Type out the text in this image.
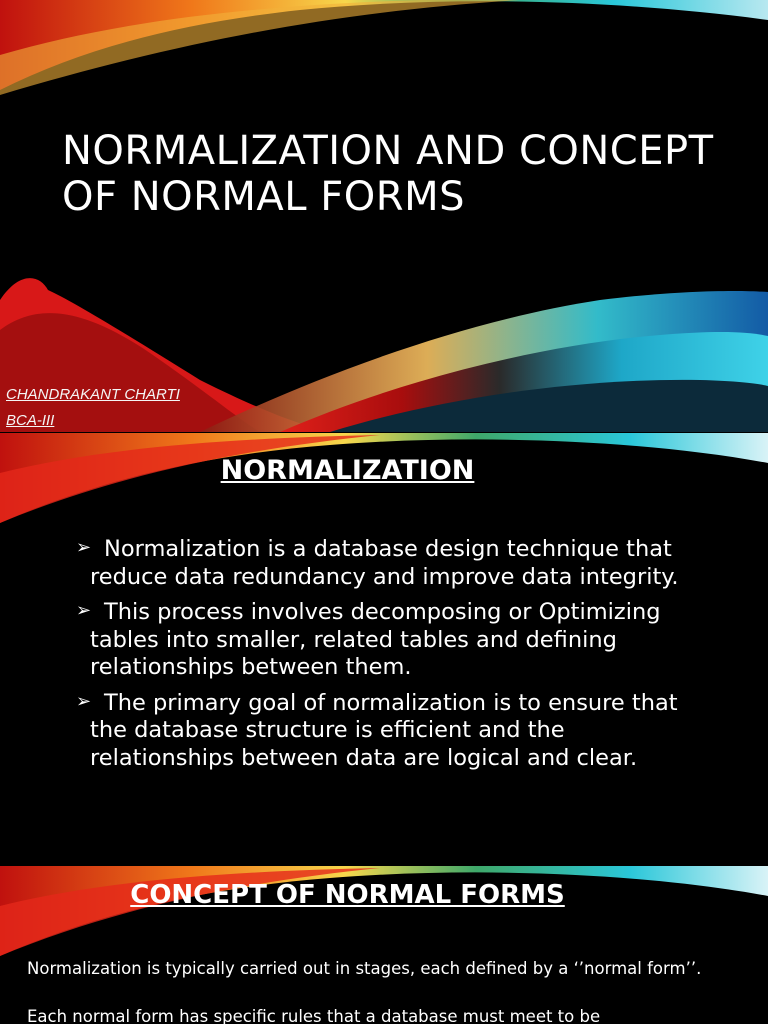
NORMALIZATION AND CONCEPT OF NORMAL FORMS
CHANDRAKANT CHARTI
BCA-III
NORMALIZATION
➢ Normalization is a database design technique that reduce data redundancy and improve data integrity.
➢ This process involves decomposing or Optimizing tables into smaller, related tables and defining relationships between them.
➢ The primary goal of normalization is to ensure that the database structure is efficient and the relationships between data are logical and clear.
CONCEPT OF NORMAL FORMS

Normalization is typically carried out in stages, each defined by a ‘’normal form’’.

Each normal form has specific rules that a database must meet to be
